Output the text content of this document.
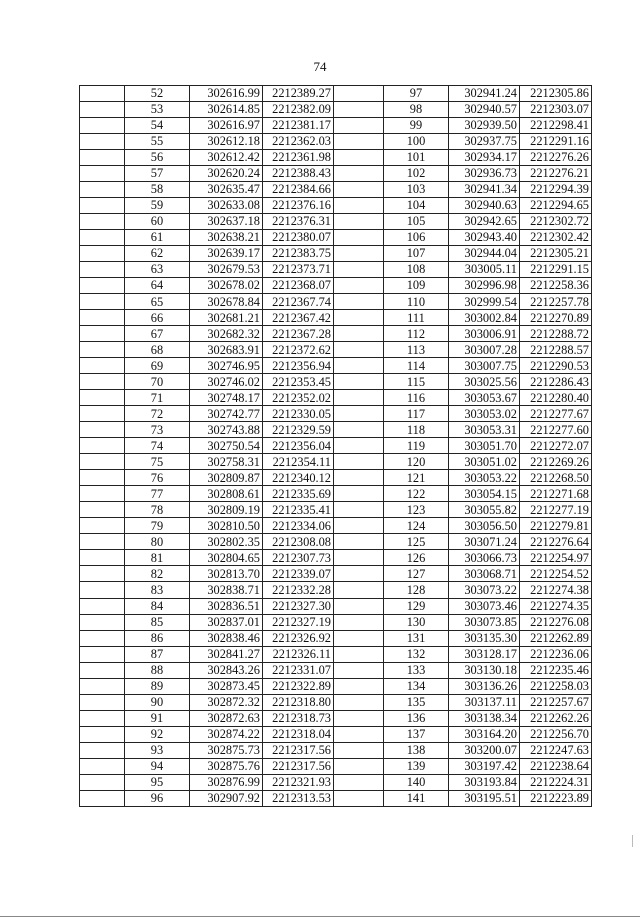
74
	52	302616.99	2212389.27		97	302941.24	2212305.86
	53	302614.85	2212382.09		98	302940.57	2212303.07
	54	302616.97	2212381.17		99	302939.50	2212298.41
	55	302612.18	2212362.03		100	302937.75	2212291.16
	56	302612.42	2212361.98		101	302934.17	2212276.26
	57	302620.24	2212388.43		102	302936.73	2212276.21
	58	302635.47	2212384.66		103	302941.34	2212294.39
	59	302633.08	2212376.16		104	302940.63	2212294.65
	60	302637.18	2212376.31		105	302942.65	2212302.72
	61	302638.21	2212380.07		106	302943.40	2212302.42
	62	302639.17	2212383.75		107	302944.04	2212305.21
	63	302679.53	2212373.71		108	303005.11	2212291.15
	64	302678.02	2212368.07		109	302996.98	2212258.36
	65	302678.84	2212367.74		110	302999.54	2212257.78
	66	302681.21	2212367.42		111	303002.84	2212270.89
	67	302682.32	2212367.28		112	303006.91	2212288.72
	68	302683.91	2212372.62		113	303007.28	2212288.57
	69	302746.95	2212356.94		114	303007.75	2212290.53
	70	302746.02	2212353.45		115	303025.56	2212286.43
	71	302748.17	2212352.02		116	303053.67	2212280.40
	72	302742.77	2212330.05		117	303053.02	2212277.67
	73	302743.88	2212329.59		118	303053.31	2212277.60
	74	302750.54	2212356.04		119	303051.70	2212272.07
	75	302758.31	2212354.11		120	303051.02	2212269.26
	76	302809.87	2212340.12		121	303053.22	2212268.50
	77	302808.61	2212335.69		122	303054.15	2212271.68
	78	302809.19	2212335.41		123	303055.82	2212277.19
	79	302810.50	2212334.06		124	303056.50	2212279.81
	80	302802.35	2212308.08		125	303071.24	2212276.64
	81	302804.65	2212307.73		126	303066.73	2212254.97
	82	302813.70	2212339.07		127	303068.71	2212254.52
	83	302838.71	2212332.28		128	303073.22	2212274.38
	84	302836.51	2212327.30		129	303073.46	2212274.35
	85	302837.01	2212327.19		130	303073.85	2212276.08
	86	302838.46	2212326.92		131	303135.30	2212262.89
	87	302841.27	2212326.11		132	303128.17	2212236.06
	88	302843.26	2212331.07		133	303130.18	2212235.46
	89	302873.45	2212322.89		134	303136.26	2212258.03
	90	302872.32	2212318.80		135	303137.11	2212257.67
	91	302872.63	2212318.73		136	303138.34	2212262.26
	92	302874.22	2212318.04		137	303164.20	2212256.70
	93	302875.73	2212317.56		138	303200.07	2212247.63
	94	302875.76	2212317.56		139	303197.42	2212238.64
	95	302876.99	2212321.93		140	303193.84	2212224.31
	96	302907.92	2212313.53		141	303195.51	2212223.89
